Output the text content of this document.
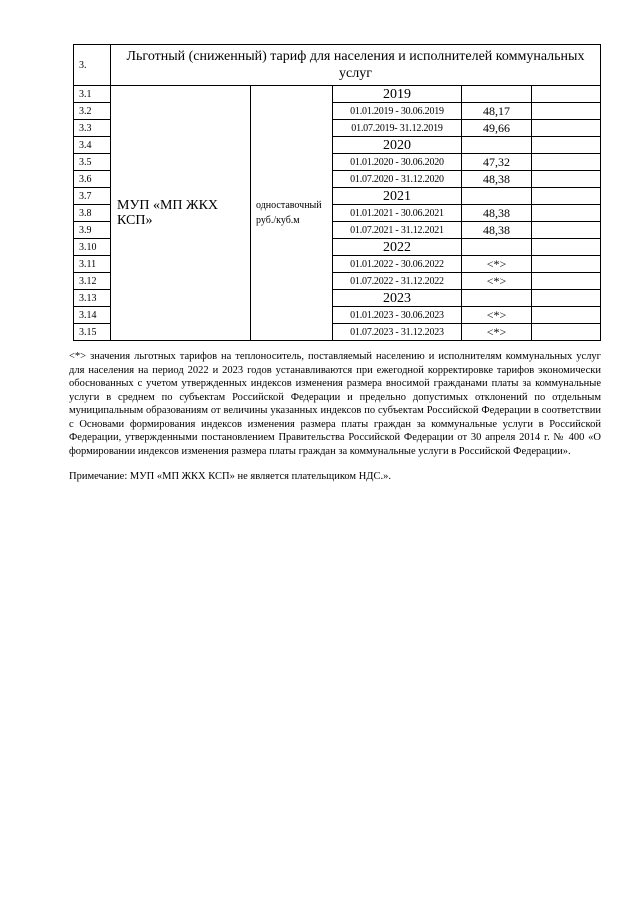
3.	Льготный (сниженный) тариф для населения и исполнителей коммунальных услуг				
3.1	МУП «МП ЖКХ КСП»	одноставочный руб./куб.м	2019		
3.2			01.01.2019 - 30.06.2019	48,17	
3.3			01.07.2019- 31.12.2019	49,66	
3.4			2020		
3.5			01.01.2020 - 30.06.2020	47,32	
3.6			01.07.2020 - 31.12.2020	48,38	
3.7			2021		
3.8			01.01.2021 - 30.06.2021	48,38	
3.9			01.07.2021 - 31.12.2021	48,38	
3.10			2022		
3.11			01.01.2022 - 30.06.2022	<*>	
3.12			01.07.2022 - 31.12.2022	<*>	
3.13			2023		
3.14			01.01.2023 - 30.06.2023	<*>	
3.15			01.07.2023 - 31.12.2023	<*>	

<*> значения льготных тарифов на теплоноситель, поставляемый населению и исполнителям коммунальных услуг для населения на период 2022 и 2023 годов устанавливаются при ежегодной корректировке тарифов экономически обоснованных с учетом утвержденных индексов изменения размера вносимой гражданами платы за коммунальные услуги в среднем по субъектам Российской Федерации и предельно допустимых отклонений по отдельным муниципальным образованиям от величины указанных индексов по субъектам Российской Федерации в соответствии с Основами формирования индексов изменения размера платы граждан за коммунальные услуги в Российской Федерации, утвержденными постановлением Правительства Российской Федерации от 30 апреля 2014 г. № 400 «О формировании индексов изменения размера платы граждан за коммунальные услуги в Российской Федерации».

Примечание: МУП «МП ЖКХ КСП» не является плательщиком НДС.».
